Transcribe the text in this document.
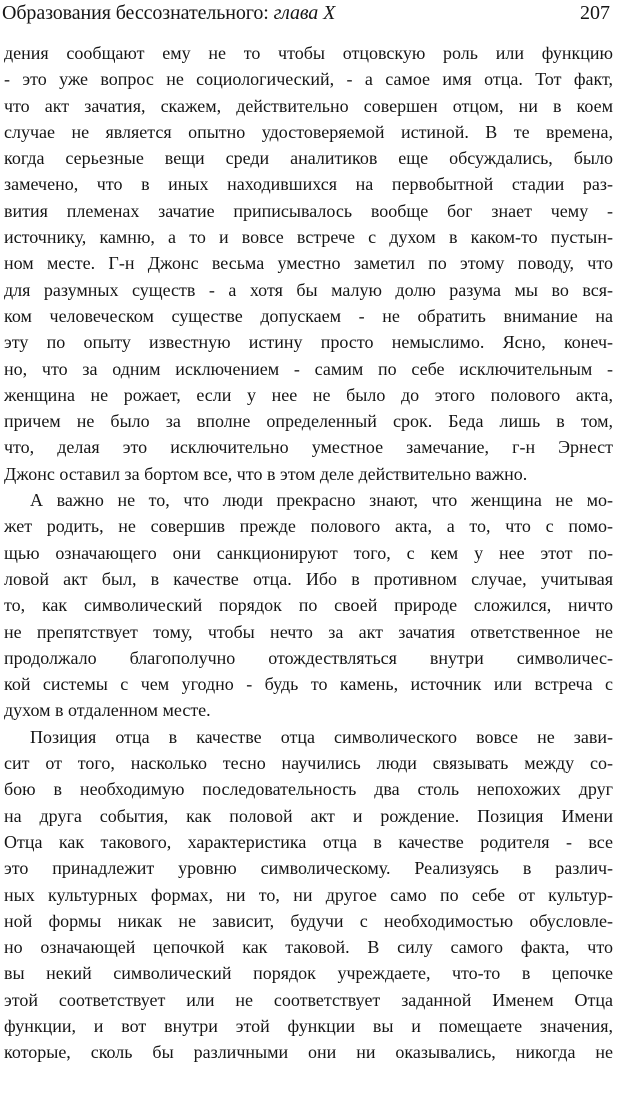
Образования бессознательного: глава X	207

дения сообщают ему не то чтобы отцовскую роль или функцию
- это уже вопрос не социологический, - а самое имя отца. Тот факт,
что акт зачатия, скажем, действительно совершен отцом, ни в коем
случае не является опытно удостоверяемой истиной. В те времена,
когда серьезные вещи среди аналитиков еще обсуждались, было
замечено, что в иных находившихся на первобытной стадии раз-
вития племенах зачатие приписывалось вообще бог знает чему -
источнику, камню, а то и вовсе встрече с духом в каком-то пустын-
ном месте. Г-н Джонс весьма уместно заметил по этому поводу, что
для разумных существ - а хотя бы малую долю разума мы во вся-
ком человеческом существе допускаем - не обратить внимание на
эту по опыту известную истину просто немыслимо. Ясно, конеч-
но, что за одним исключением - самим по себе исключительным -
женщина не рожает, если у нее не было до этого полового акта,
причем не было за вполне определенный срок. Беда лишь в том,
что, делая это исключительно уместное замечание, г-н Эрнест
Джонс оставил за бортом все, что в этом деле действительно важно.

А важно не то, что люди прекрасно знают, что женщина не мо-
жет родить, не совершив прежде полового акта, а то, что с помо-
щью означающего они санкционируют того, с кем у нее этот по-
ловой акт был, в качестве отца. Ибо в противном случае, учитывая
то, как символический порядок по своей природе сложился, ничто
не препятствует тому, чтобы нечто за акт зачатия ответственное не
продолжало благополучно отождествляться внутри символичес-
кой системы с чем угодно - будь то камень, источник или встреча с
духом в отдаленном месте.

Позиция отца в качестве отца символического вовсе не зави-
сит от того, насколько тесно научились люди связывать между со-
бою в необходимую последовательность два столь непохожих друг
на друга события, как половой акт и рождение. Позиция Имени
Отца как такового, характеристика отца в качестве родителя - все
это принадлежит уровню символическому. Реализуясь в различ-
ных культурных формах, ни то, ни другое само по себе от культур-
ной формы никак не зависит, будучи с необходимостью обусловле-
но означающей цепочкой как таковой. В силу самого факта, что
вы некий символический порядок учреждаете, что-то в цепочке
этой соответствует или не соответствует заданной Именем Отца
функции, и вот внутри этой функции вы и помещаете значения,
которые, сколь бы различными они ни оказывались, никогда не
